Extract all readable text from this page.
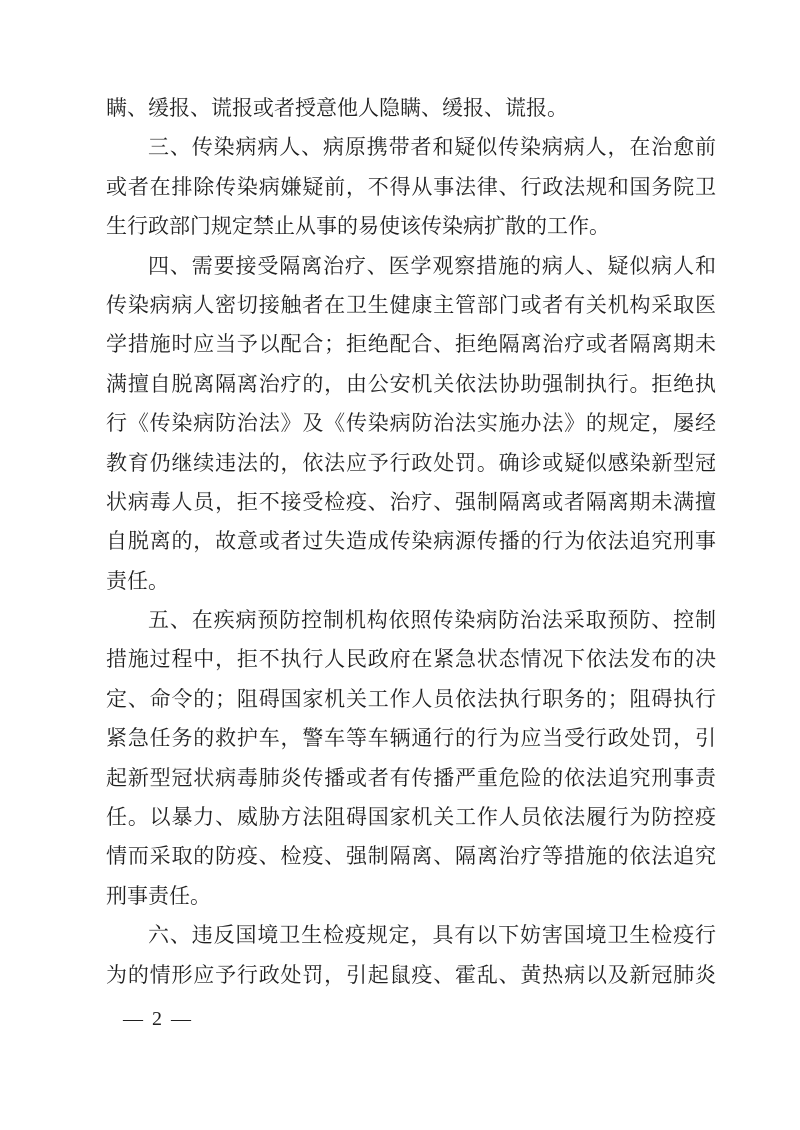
瞒、缓报、谎报或者授意他人隐瞒、缓报、谎报。
三、传染病病人、病原携带者和疑似传染病病人，在治愈前
或者在排除传染病嫌疑前，不得从事法律、行政法规和国务院卫
生行政部门规定禁止从事的易使该传染病扩散的工作。
四、需要接受隔离治疗、医学观察措施的病人、疑似病人和
传染病病人密切接触者在卫生健康主管部门或者有关机构采取医
学措施时应当予以配合；拒绝配合、拒绝隔离治疗或者隔离期未
满擅自脱离隔离治疗的，由公安机关依法协助强制执行。拒绝执
行《传染病防治法》及《传染病防治法实施办法》的规定，屡经
教育仍继续违法的，依法应予行政处罚。确诊或疑似感染新型冠
状病毒人员，拒不接受检疫、治疗、强制隔离或者隔离期未满擅
自脱离的，故意或者过失造成传染病源传播的行为依法追究刑事
责任。
五、在疾病预防控制机构依照传染病防治法采取预防、控制
措施过程中，拒不执行人民政府在紧急状态情况下依法发布的决
定、命令的；阻碍国家机关工作人员依法执行职务的；阻碍执行
紧急任务的救护车，警车等车辆通行的行为应当受行政处罚，引
起新型冠状病毒肺炎传播或者有传播严重危险的依法追究刑事责
任。以暴力、威胁方法阻碍国家机关工作人员依法履行为防控疫
情而采取的防疫、检疫、强制隔离、隔离治疗等措施的依法追究
刑事责任。
六、违反国境卫生检疫规定，具有以下妨害国境卫生检疫行
为的情形应予行政处罚，引起鼠疫、霍乱、黄热病以及新冠肺炎
— 2 —
